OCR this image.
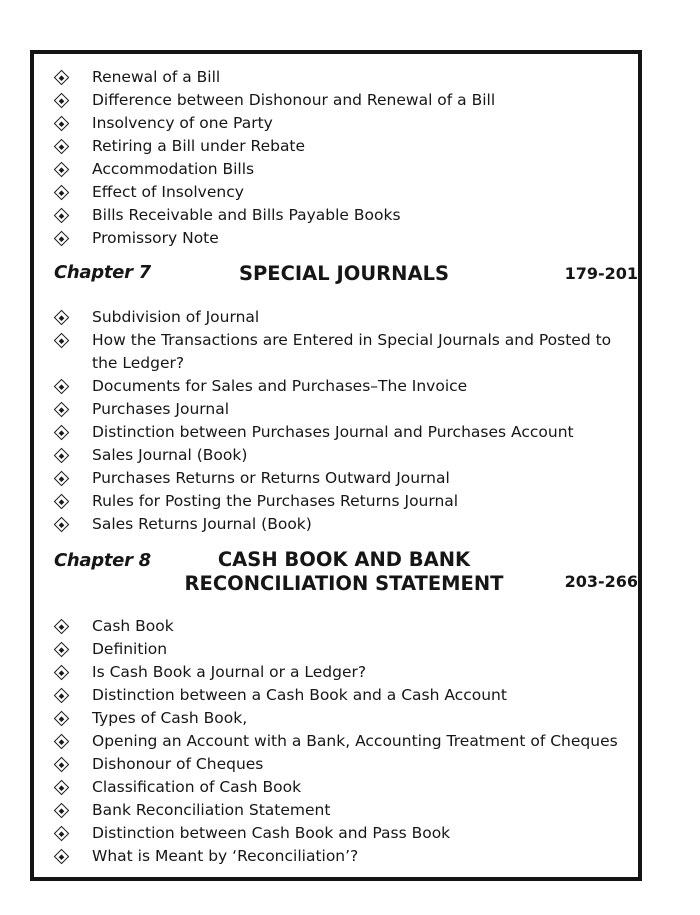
Renewal of a Bill
Difference between Dishonour and Renewal of a Bill
Insolvency of one Party
Retiring a Bill under Rebate
Accommodation Bills
Effect of Insolvency
Bills Receivable and Bills Payable Books
Promissory Note
Chapter 7	SPECIAL JOURNALS	179-201
Subdivision of Journal
How the Transactions are Entered in Special Journals and Posted to the Ledger?
Documents for Sales and Purchases–The Invoice
Purchases Journal
Distinction between Purchases Journal and Purchases Account
Sales Journal (Book)
Purchases Returns or Returns Outward Journal
Rules for Posting the Purchases Returns Journal
Sales Returns Journal (Book)
Chapter 8	CASH BOOK AND BANK
RECONCILIATION STATEMENT	203-266
Cash Book
Definition
Is Cash Book a Journal or a Ledger?
Distinction between a Cash Book and a Cash Account
Types of Cash Book,
Opening an Account with a Bank, Accounting Treatment of Cheques
Dishonour of Cheques
Classification of Cash Book
Bank Reconciliation Statement
Distinction between Cash Book and Pass Book
What is Meant by ‘Reconciliation’?
